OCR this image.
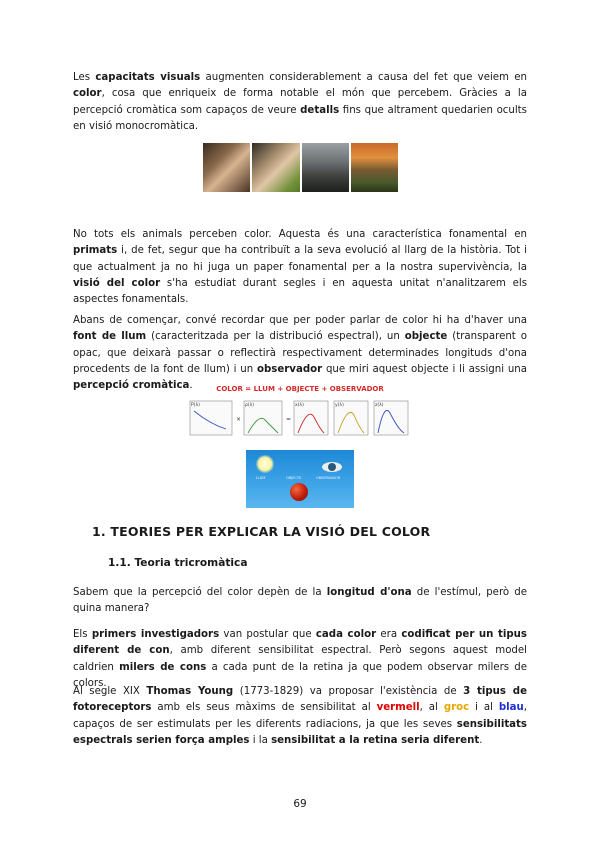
Les capacitats visuals augmenten considerablement a causa del fet que veiem en color, cosa que enriqueix de forma notable el món que percebem. Gràcies a la percepció cromàtica som capaços de veure detalls fins que altrament quedarien ocults en visió monocromàtica.

No tots els animals perceben color. Aquesta és una característica fonamental en primats i, de fet, segur que ha contribuït a la seva evolució al llarg de la història. Tot i que actualment ja no hi juga un paper fonamental per a la nostra supervivència, la visió del color s'ha estudiat durant segles i en aquesta unitat n'analitzarem els aspectes fonamentals.

Abans de començar, convé recordar que per poder parlar de color hi ha d'haver una font de llum (caracteritzada per la distribució espectral), un objecte (transparent o opac, que deixarà passar o reflectirà respectivament determinades longituds d'ona procedents de la font de llum) i un observador que miri aquest objecte i li assigni una percepció cromàtica.	COLOR = LLUM + OBJECTE + OBSERVADOR
P(λ)
×
ρ(λ)
=
x(λ)	y(λ)	z(λ)
LLUM	OBJECTE	OBSERVADOR
1. TEORIES PER EXPLICAR LA VISIÓ DEL COLOR
1.1. Teoria tricromàtica

Sabem que la percepció del color depèn de la longitud d'ona de l'estímul, però de quina manera?

Els primers investigadors van postular que cada color era codificat per un tipus diferent de con, amb diferent sensibilitat espectral. Però segons aquest model caldrien milers de cons a cada punt de la retina ja que podem observar milers de colors.

Al segle XIX Thomas Young (1773-1829) va proposar l'existència de 3 tipus de fotoreceptors amb els seus màxims de sensibilitat al vermell, al groc i al blau, capaços de ser estimulats per les diferents radiacions, ja que les seves sensibilitats espectrals serien força amples i la sensibilitat a la retina seria diferent.

69
